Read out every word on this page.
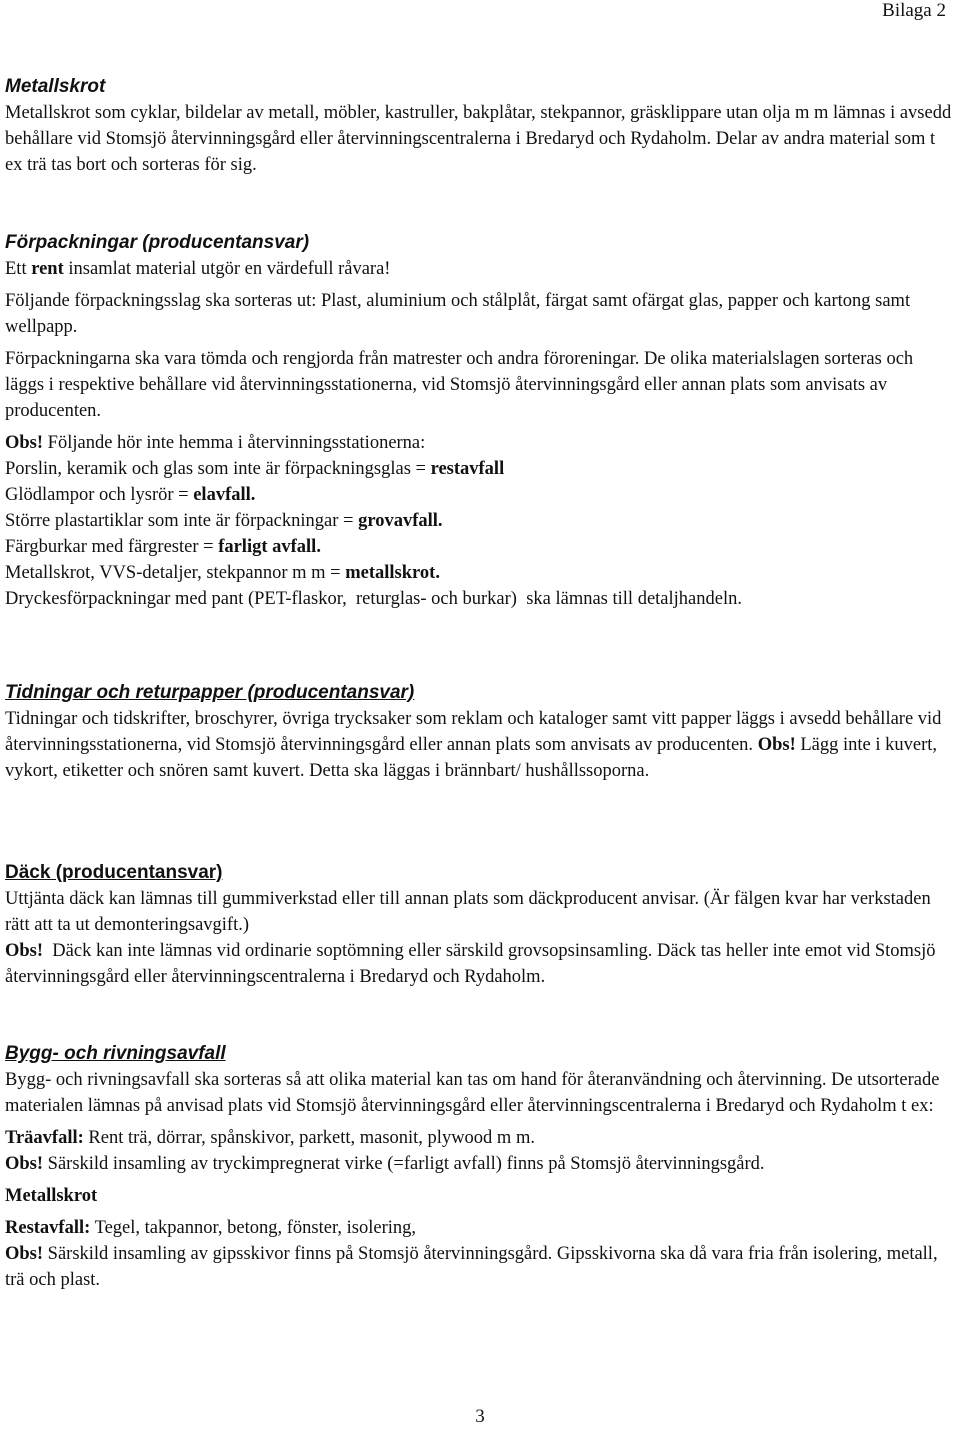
Bilaga 2
Metallskrot

Metallskrot som cyklar, bildelar av metall, möbler, kastruller, bakplåtar, stekpannor, gräsklippare utan olja m m lämnas i avsedd behållare vid Stomsjö återvinningsgård eller återvinningscentralerna i Bredaryd och Rydaholm. Delar av andra material som t ex trä tas bort och sorteras för sig.

Förpackningar (producentansvar)

Ett rent insamlat material utgör en värdefull råvara!

Följande förpackningsslag ska sorteras ut: Plast, aluminium och stålplåt, färgat samt ofärgat glas, papper och kartong samt wellpapp.

Förpackningarna ska vara tömda och rengjorda från matrester och andra föroreningar. De olika materialslagen sorteras och läggs i respektive behållare vid återvinningsstationerna, vid Stomsjö återvinningsgård eller annan plats som anvisats av producenten.

Obs! Följande hör inte hemma i återvinningsstationerna:

Porslin, keramik och glas som inte är förpackningsglas = restavfall

Glödlampor och lysrör = elavfall.

Större plastartiklar som inte är förpackningar = grovavfall.

Färgburkar med färgrester = farligt avfall.

Metallskrot, VVS-detaljer, stekpannor m m = metallskrot.

Dryckesförpackningar med pant (PET-flaskor,  returglas- och burkar)  ska lämnas till detaljhandeln.

Tidningar och returpapper (producentansvar)

Tidningar och tidskrifter, broschyrer, övriga trycksaker som reklam och kataloger samt vitt papper läggs i avsedd behållare vid återvinningsstationerna, vid Stomsjö återvinningsgård eller annan plats som anvisats av producenten. Obs! Lägg inte i kuvert, vykort, etiketter och snören samt kuvert. Detta ska läggas i brännbart/ hushållssoporna.

Däck (producentansvar)

Uttjänta däck kan lämnas till gummiverkstad eller till annan plats som däckproducent anvisar. (Är fälgen kvar har verkstaden rätt att ta ut demonteringsavgift.)

Obs!  Däck kan inte lämnas vid ordinarie soptömning eller särskild grovsopsinsamling. Däck tas heller inte emot vid Stomsjö återvinningsgård eller återvinningscentralerna i Bredaryd och Rydaholm.

Bygg- och rivningsavfall

Bygg- och rivningsavfall ska sorteras så att olika material kan tas om hand för återanvändning och återvinning. De utsorterade materialen lämnas på anvisad plats vid Stomsjö återvinningsgård eller återvinningscentralerna i Bredaryd och Rydaholm t ex:

Träavfall: Rent trä, dörrar, spånskivor, parkett, masonit, plywood m m.

Obs! Särskild insamling av tryckimpregnerat virke (=farligt avfall) finns på Stomsjö återvinningsgård.

Metallskrot

Restavfall: Tegel, takpannor, betong, fönster, isolering,

Obs! Särskild insamling av gipsskivor finns på Stomsjö återvinningsgård. Gipsskivorna ska då vara fria från isolering, metall, trä och plast.

3
